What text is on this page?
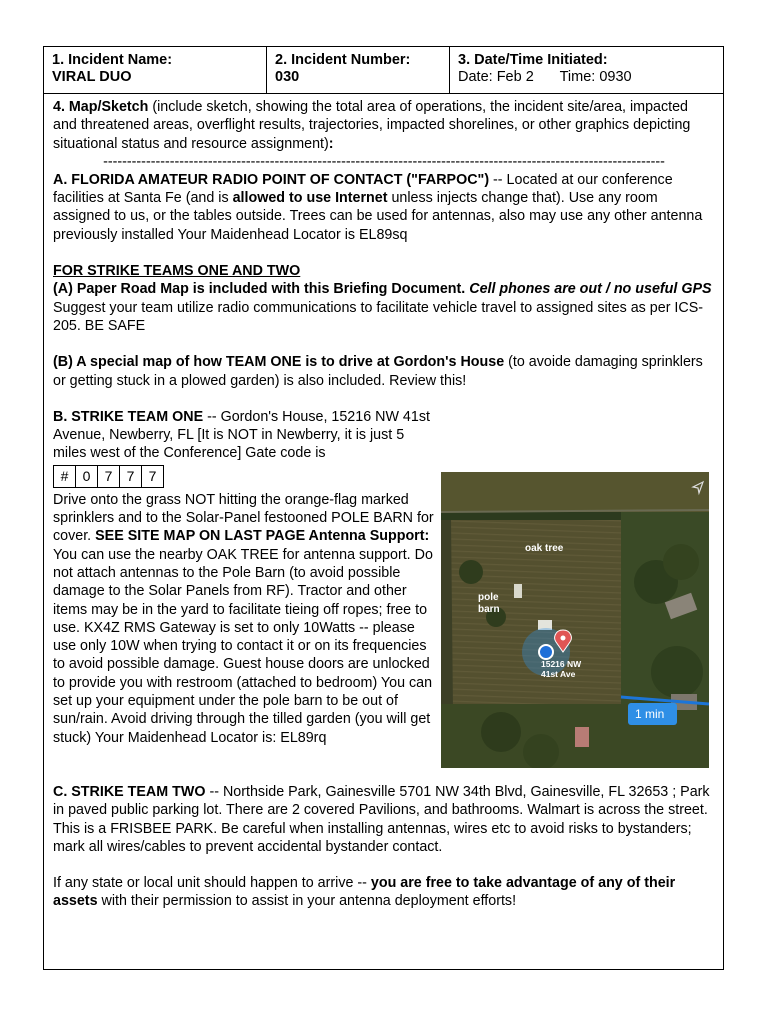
1. Incident Name:
VIRAL DUO
2. Incident Number:
030
3. Date/Time Initiated:
Date: Feb 2 Time: 0930

4. Map/Sketch (include sketch, showing the total area of operations, the incident site/area, impacted and threatened areas, overflight results, trajectories, impacted shorelines, or other graphics depicting situational status and resource assignment):

----------------------------------------------------------------------------------------------------------------------

A. FLORIDA AMATEUR RADIO POINT OF CONTACT ("FARPOC") -- Located at our conference facilities at Santa Fe (and is allowed to use Internet unless injects change that). Use any room assigned to us, or the tables outside. Trees can be used for antennas, also may use any other antenna previously installed Your Maidenhead Locator is EL89sq

FOR STRIKE TEAMS ONE AND TWO

(A) Paper Road Map is included with this Briefing Document. Cell phones are out / no useful GPS

Suggest your team utilize radio communications to facilitate vehicle travel to assigned sites as per ICS-205. BE SAFE

(B) A special map of how TEAM ONE is to drive at Gordon's House (to avoide damaging sprinklers or getting stuck in a plowed garden) is also included. Review this!

B. STRIKE TEAM ONE -- Gordon's House, 15216 NW 41st Avenue, Newberry, FL [It is NOT in Newberry, it is just 5 miles west of the Conference] Gate code is

#	0	7	7	7

Drive onto the grass NOT hitting the orange-flag marked sprinklers and to the Solar-Panel festooned POLE BARN for cover. SEE SITE MAP ON LAST PAGE Antenna Support: You can use the nearby OAK TREE for antenna support. Do not attach antennas to the Pole Barn (to avoid possible damage to the Solar Panels from RF). Tractor and other items may be in the yard to facilitate tieing off ropes; free to use. KX4Z RMS Gateway is set to only 10Watts -- please use only 10W when trying to contact it or on its frequencies to avoid possible damage. Guest house doors are unlocked to provide you with restroom (attached to bedroom) You can set up your equipment under the pole barn to be out of sun/rain. Avoid driving through the tilled garden (you will get stuck) Your Maidenhead Locator is: EL89rq

C. STRIKE TEAM TWO -- Northside Park, Gainesville 5701 NW 34th Blvd, Gainesville, FL 32653 ; Park in paved public parking lot. There are 2 covered Pavilions, and bathrooms. Walmart is across the street. This is a FRISBEE PARK. Be careful when installing antennas, wires etc to avoid risks to bystanders; mark all wires/cables to prevent accidental bystander contact.

If any state or local unit should happen to arrive -- you are free to take advantage of any of their assets with their permission to assist in your antenna deployment efforts!

oak tree
pole
barn
15216 NW
41st Ave
1 min
